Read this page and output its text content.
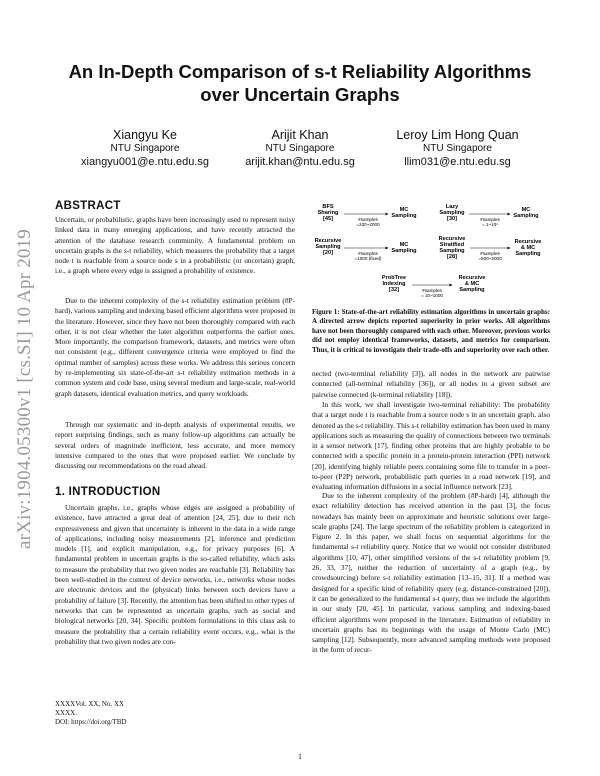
An In-Depth Comparison of s-t Reliability Algorithms
over Uncertain Graphs
Xiangyu Ke
NTU Singapore
xiangyu001@e.ntu.edu.sg
Arijit Khan
NTU Singapore
arijit.khan@ntu.edu.sg
Leroy Lim Hong Quan
NTU Singapore
llim031@e.ntu.edu.sg
arXiv:1904.05300v1 [cs.SI] 10 Apr 2019
ABSTRACT

Uncertain, or probabilistic, graphs have been increasingly used to represent noisy linked data in many emerging applications, and have recently attracted the attention of the database research community. A fundamental problem on uncertain graphs is the s-t reliability, which measures the probability that a target node t is reachable from a source node s in a probabilistic (or uncertain) graph, i.e., a graph where every edge is assigned a probability of existence.

Due to the inherent complexity of the s-t reliability estimation problem (#P-hard), various sampling and indexing based efficient algorithms were proposed in the literature. However, since they have not been thoroughly compared with each other, it is not clear whether the later algorithm outperforms the earlier ones. More importantly, the comparison framework, datasets, and metrics were often not consistent (e.g., different convergence criteria were employed to find the optimal number of samples) across these works. We address this serious concern by re-implementing six state-of-the-art s-t reliability estimation methods in a common system and code base, using several medium and large-scale, real-world graph datasets, identical evaluation metrics, and query workloads.

Through our systematic and in-depth analysis of experimental results, we report surprising findings, such as many follow-up algorithms can actually be several orders of magnitude inefficient, less accurate, and more memory intensive compared to the ones that were proposed earlier. We conclude by discussing our recommendations on the road ahead.

1. INTRODUCTION

Uncertain graphs, i.e., graphs whose edges are assigned a probability of existence, have attracted a great deal of attention [24, 25], due to their rich expressiveness and given that uncertainty is inherent in the data in a wide range of applications, including noisy measurements [2], inference and prediction models [1], and explicit manipulation, e.g., for privacy purposes [6]. A fundamental problem in uncertain graphs is the so-called reliability, which asks to measure the probability that two given nodes are reachable [3]. Reliability has been well-studied in the context of device networks, i.e., networks whose nodes are electronic devices and the (physical) links between such devices have a probability of failure [3]. Recently, the attention has been shifted to other types of networks that can be represented as uncertain graphs, such as social and biological networks [20, 34]. Specific problem formulations in this class ask to measure the probability that a certain reliability event occurs, e.g., what is the probability that two given nodes are con-

XXXXVol. XX, No. XX
XXXX.
DOI: https://doi.org/TBD
BFS
Sharing
[45]	#samples
=200~2000
MC
Sampling
Recursive
Sampling
[20]	#samples
=1000 (fixed)
MC
Sampling
Lazy
Sampling
[30]	#samples
= 1~10⁴
MC
Sampling
Recursive
Stratified
Sampling
[28]
#samples
=500~2000
Recursive
& MC
Sampling
ProbTree
Indexing
[32]	#samples
= 10~1000
Recursive
& MC
Sampling
Figure 1: State-of-the-art reliability estimation algorithms in uncertain graphs: A directed arrow depicts reported superiority in prior works. All algorithms have not been thoroughly compared with each other. Moreover, previous works did not employ identical frameworks, datasets, and metrics for comparison. Thus, it is critical to investigate their trade-offs and superiority over each other.

nected (two-terminal reliability [3]), all nodes in the network are pairwise connected (all-terminal reliability [36]), or all nodes in a given subset are pairwise connected (k-terminal reliability [18]).

In this work, we shall investigate two-terminal reliability: The probability that a target node t is reachable from a source node s in an uncertain graph, also denoted as the s-t reliability. This s-t reliability estimation has been used in many applications such as measuring the quality of connections between two terminals in a sensor network [17], finding other proteins that are highly probable to be connected with a specific protein in a protein-protein interaction (PPI) network [20], identifying highly reliable peers containing some file to transfer in a peer-to-peer (P2P) network, probabilistic path queries in a road network [19], and evaluating information diffusions in a social influence network [23].

Due to the inherent complexity of the problem (#P-hard) [4], although the exact reliability detection has received attention in the past [3], the focus nowadays has mainly been on approximate and heuristic solutions over large-scale graphs [24]. The large spectrum of the reliability problem is categorized in Figure 2. In this paper, we shall focus on sequential algorithms for the fundamental s-t reliability query. Notice that we would not consider distributed algorithms [10, 47], other simplified versions of the s-t reliability problem [9, 26, 33, 37], neither the reduction of uncertainty of a graph (e.g., by crowdsourcing) before s-t reliability estimation [13–15, 31]. If a method was designed for a specific kind of reliability query (e.g. distance-constrained [20]), it can be generalized to the fundamental s-t query, thus we include the algorithm in our study [20, 45]. In particular, various sampling and indexing-based efficient algorithms were proposed in the literature. Estimation of reliability in uncertain graphs has its beginnings with the usage of Monte Carlo (MC) sampling [12]. Subsequently, more advanced sampling methods were proposed in the form of recur-

1
